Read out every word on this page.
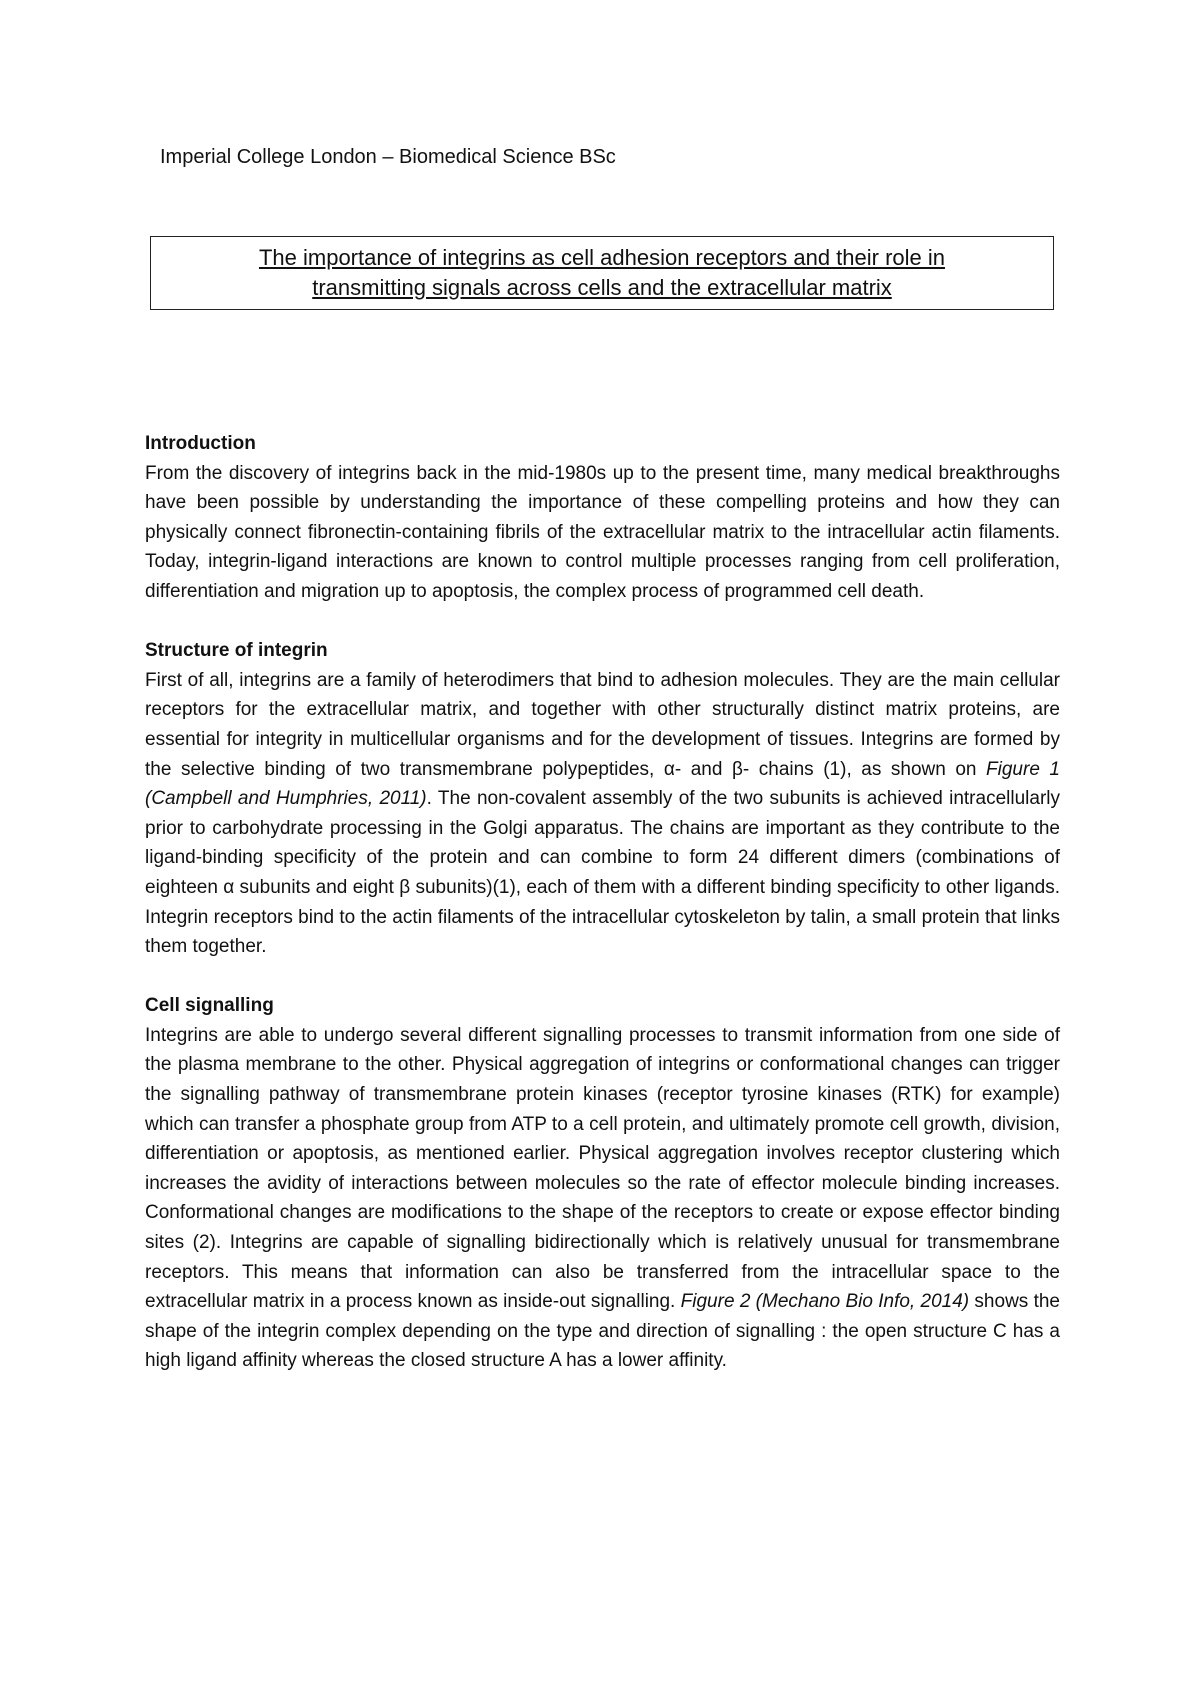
Imperial College London – Biomedical Science BSc
The importance of integrins as cell adhesion receptors and their role in
transmitting signals across cells and the extracellular matrix
Introduction
From the discovery of integrins back in the mid-1980s up to the present time, many medical breakthroughs have been possible by understanding the importance of these compelling proteins and how they can physically connect fibronectin-containing fibrils of the extracellular matrix to the intracellular actin filaments. Today, integrin-ligand interactions are known to control multiple processes ranging from cell proliferation, differentiation and migration up to apoptosis, the complex process of programmed cell death.
Structure of integrin
First of all, integrins are a family of heterodimers that bind to adhesion molecules. They are the main cellular receptors for the extracellular matrix, and together with other structurally distinct matrix proteins, are essential for integrity in multicellular organisms and for the development of tissues. Integrins are formed by the selective binding of two transmembrane polypeptides, α- and β- chains (1), as shown on Figure 1 (Campbell and Humphries, 2011). The non-covalent assembly of the two subunits is achieved intracellularly prior to carbohydrate processing in the Golgi apparatus. The chains are important as they contribute to the ligand-binding specificity of the protein and can combine to form 24 different dimers (combinations of eighteen α subunits and eight β subunits)(1), each of them with a different binding specificity to other ligands. Integrin receptors bind to the actin filaments of the intracellular cytoskeleton by talin, a small protein that links them together.
Cell signalling
Integrins are able to undergo several different signalling processes to transmit information from one side of the plasma membrane to the other. Physical aggregation of integrins or conformational changes can trigger the signalling pathway of transmembrane protein kinases (receptor tyrosine kinases (RTK) for example) which can transfer a phosphate group from ATP to a cell protein, and ultimately promote cell growth, division, differentiation or apoptosis, as mentioned earlier. Physical aggregation involves receptor clustering which increases the avidity of interactions between molecules so the rate of effector molecule binding increases. Conformational changes are modifications to the shape of the receptors to create or expose effector binding sites (2). Integrins are capable of signalling bidirectionally which is relatively unusual for transmembrane receptors. This means that information can also be transferred from the intracellular space to the extracellular matrix in a process known as inside-out signalling. Figure 2 (Mechano Bio Info, 2014) shows the shape of the integrin complex depending on the type and direction of signalling : the open structure C has a high ligand affinity whereas the closed structure A has a lower affinity.
